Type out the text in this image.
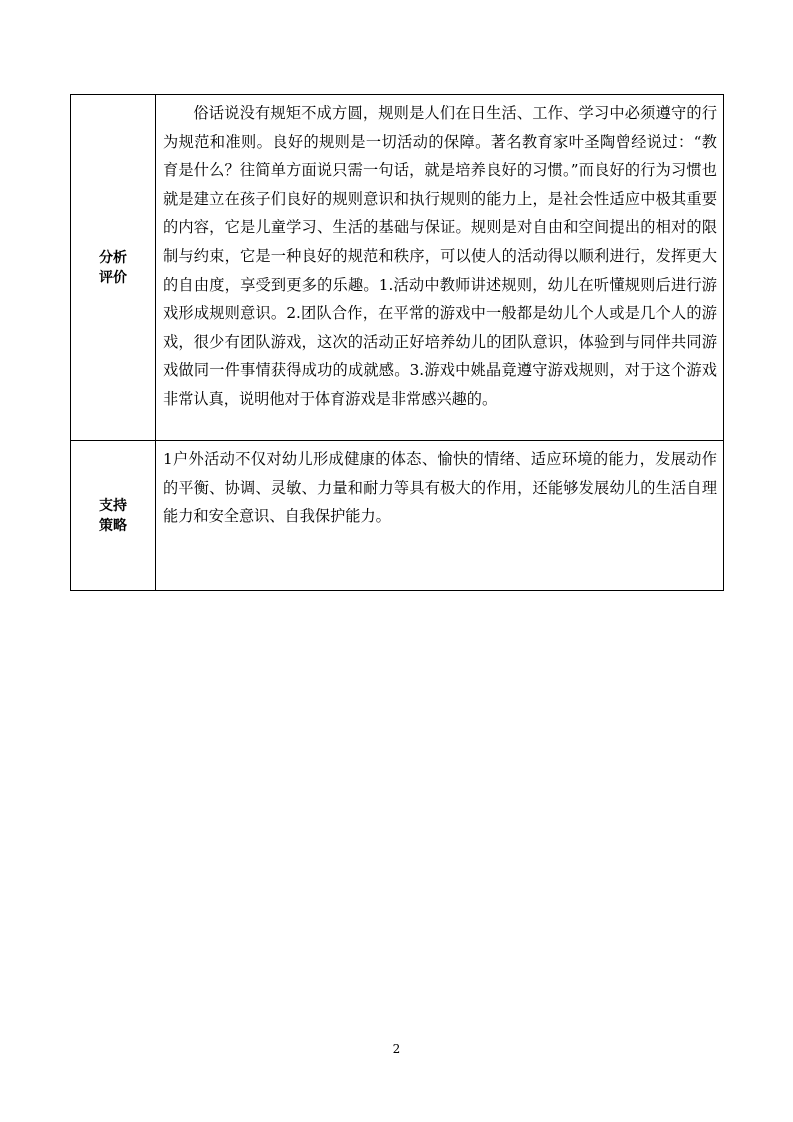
分析
评价	俗话说没有规矩不成方圆，规则是人们在日生活、工作、学习中必须遵守的行为规范和准则。良好的规则是一切活动的保障。著名教育家叶圣陶曾经说过：“教育是什么？往简单方面说只需一句话，就是培养良好的习惯。”而良好的行为习惯也就是建立在孩子们良好的规则意识和执行规则的能力上，是社会性适应中极其重要的内容，它是儿童学习、生活的基础与保证。规则是对自由和空间提出的相对的限制与约束，它是一种良好的规范和秩序，可以使人的活动得以顺利进行，发挥更大的自由度，享受到更多的乐趣。1.活动中教师讲述规则，幼儿在听懂规则后进行游戏形成规则意识。2.团队合作，在平常的游戏中一般都是幼儿个人或是几个人的游戏，很少有团队游戏，这次的活动正好培养幼儿的团队意识，体验到与同伴共同游戏做同一件事情获得成功的成就感。3.游戏中姚晶竟遵守游戏规则，对于这个游戏非常认真，说明他对于体育游戏是非常感兴趣的。

支持
策略	1户外活动不仅对幼儿形成健康的体态、愉快的情绪、适应环境的能力，发展动作的平衡、协调、灵敏、力量和耐力等具有极大的作用，还能够发展幼儿的生活自理能力和安全意识、自我保护能力。

2
